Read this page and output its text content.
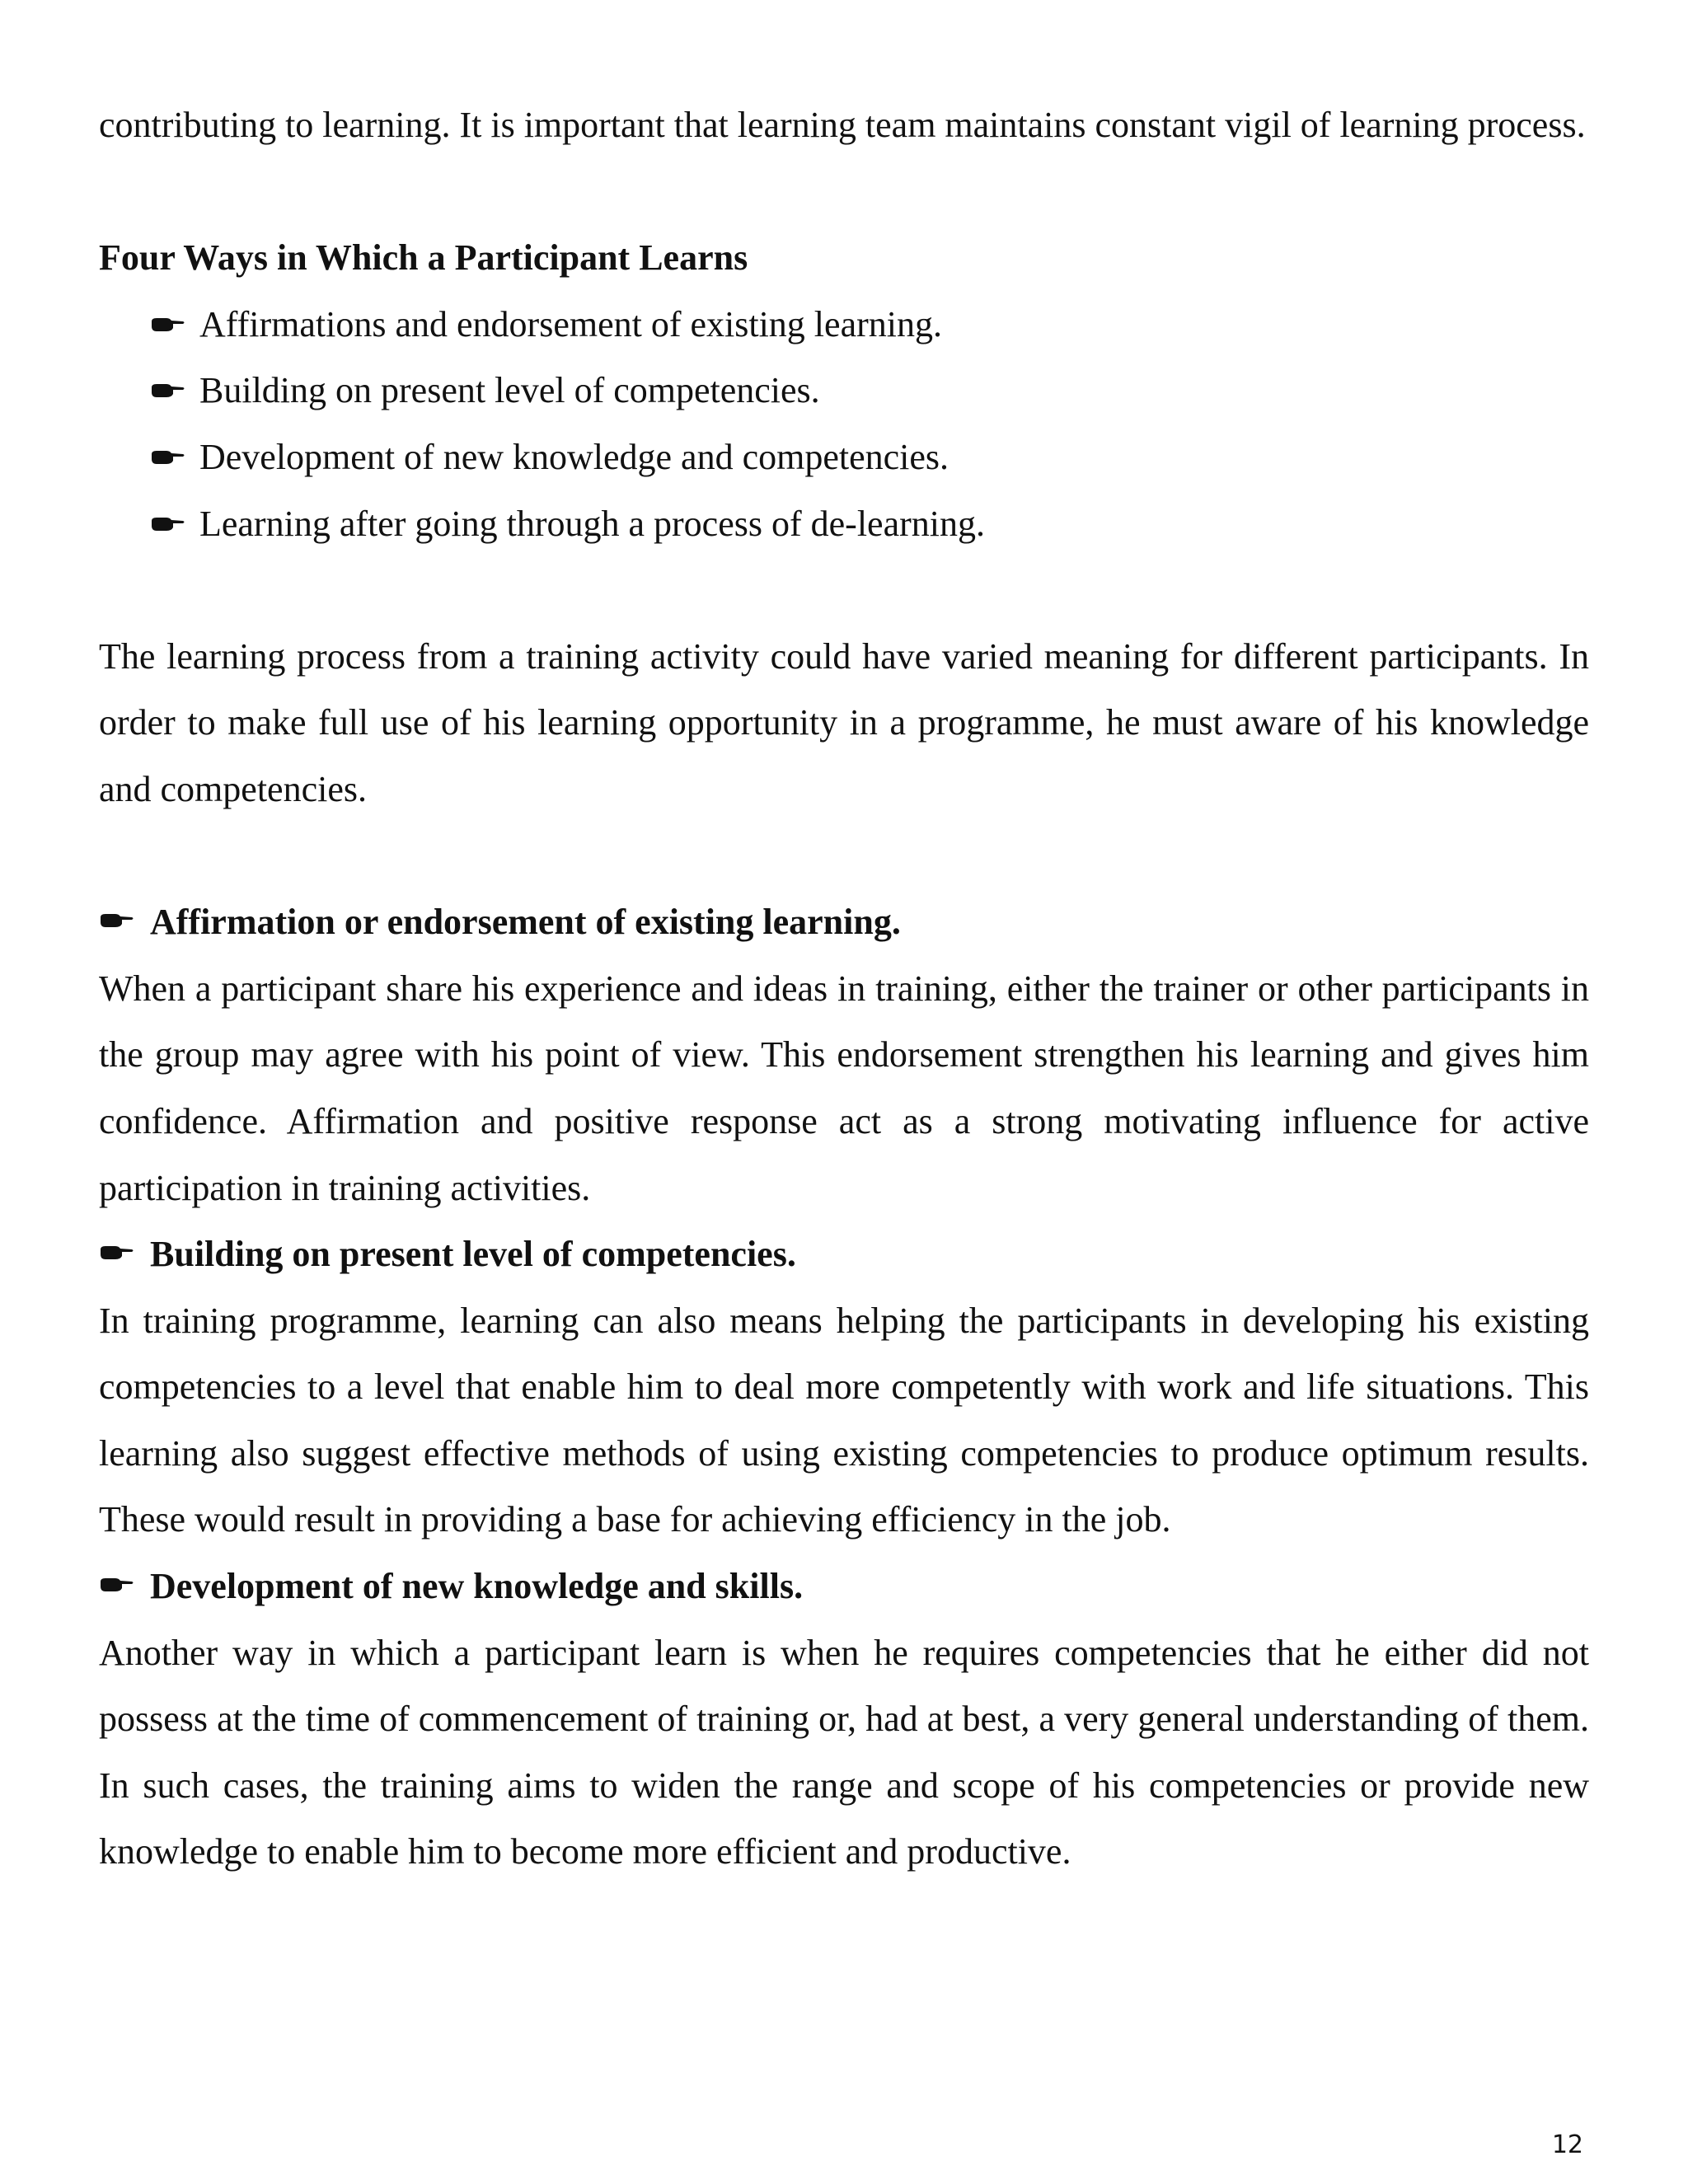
contributing to learning. It is important that learning team maintains constant vigil of learning process.

Four Ways in Which a Participant Learns

Affirmations and endorsement of existing learning.
Building on present level of competencies.
Development of new knowledge and competencies.
Learning after going through a process of de-learning.

The learning process from a training activity could have varied meaning for different participants. In order to make full use of his learning opportunity in a programme, he must aware of his knowledge and competencies.

Affirmation or endorsement of existing learning.

When a participant share his experience and ideas in training, either the trainer or other participants in the group may agree with his point of view. This endorsement strengthen his learning and gives him confidence. Affirmation and positive response act as a strong motivating influence for active participation in training activities.

Building on present level of competencies.

In training programme, learning can also means helping the participants in developing his existing competencies to a level that enable him to deal more competently with work and life situations. This learning also suggest effective methods of using existing competencies to produce optimum results. These would result in providing a base for achieving efficiency in the job.

Development of new knowledge and skills.

Another way in which a participant learn is when he requires competencies that he either did not possess at the time of commencement of training or, had at best, a very general understanding of them. In such cases, the training aims to widen the range and scope of his competencies or provide new knowledge to enable him to become more efficient and productive.

12
